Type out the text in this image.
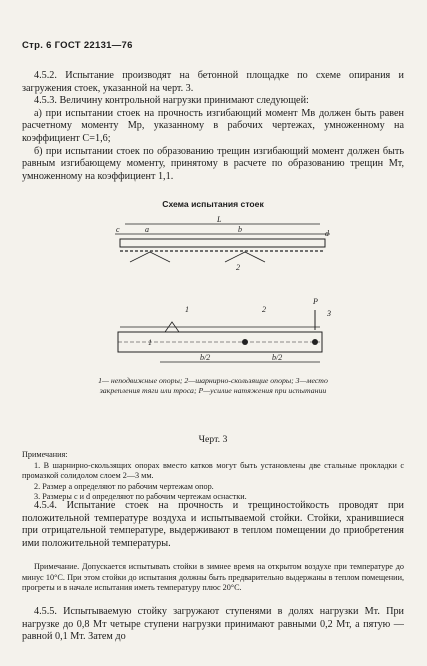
Стр. 6 ГОСТ 22131—76

4.5.2. Испытание производят на бетонной площадке по схеме опирания и загружения стоек, указанной на черт. 3.

4.5.3. Величину контрольной нагрузки принимают следующей:

а) при испытании стоек на прочность изгибающий момент Мв должен быть равен расчетному моменту Мр, указанному в рабочих чертежах, умноженному на коэффициент С=1,6;

б) при испытании стоек по образованию трещин изгибающий момент должен быть равным изгибающему моменту, принятому в расчете по образованию трещин Мт, умноженному на коэффициент 1,1.

Схема испытания стоек
L
c	a	b	d
2
1	2	3
P
b/2	b/2
1
1— неподвижные опоры; 2—шарнирно-скользящие опоры; 3—место закрепления тяги или троса; P—усилие натяжения при испытании
Черт. 3

Примечания:

1. В шарнирно-скользящих опорах вместо катков могут быть установлены две стальные прокладки с промазкой солидолом слоем 2—3 мм.

2. Размер а определяют по рабочим чертежам опор.

3. Размеры с и d определяют по рабочим чертежам оснастки.

4.5.4. Испытание стоек на прочность и трещиностойкость проводят при положительной температуре воздуха и испытываемой стойки. Стойки, хранившиеся при отрицательной температуре, выдерживают в теплом помещении до приобретения ими положительной температуры.

Примечание. Допускается испытывать стойки в зимнее время на открытом воздухе при температуре до минус 10°С. При этом стойки до испытания должны быть предварительно выдержаны в теплом помещении, прогреты и в начале испытания иметь температуру плюс 20°С.

4.5.5. Испытываемую стойку загружают ступенями в долях нагрузки Мт. При нагрузке до 0,8 Мт четыре ступени нагрузки принимают равными 0,2 Мт, а пятую — равной 0,1 Мт. Затем до
